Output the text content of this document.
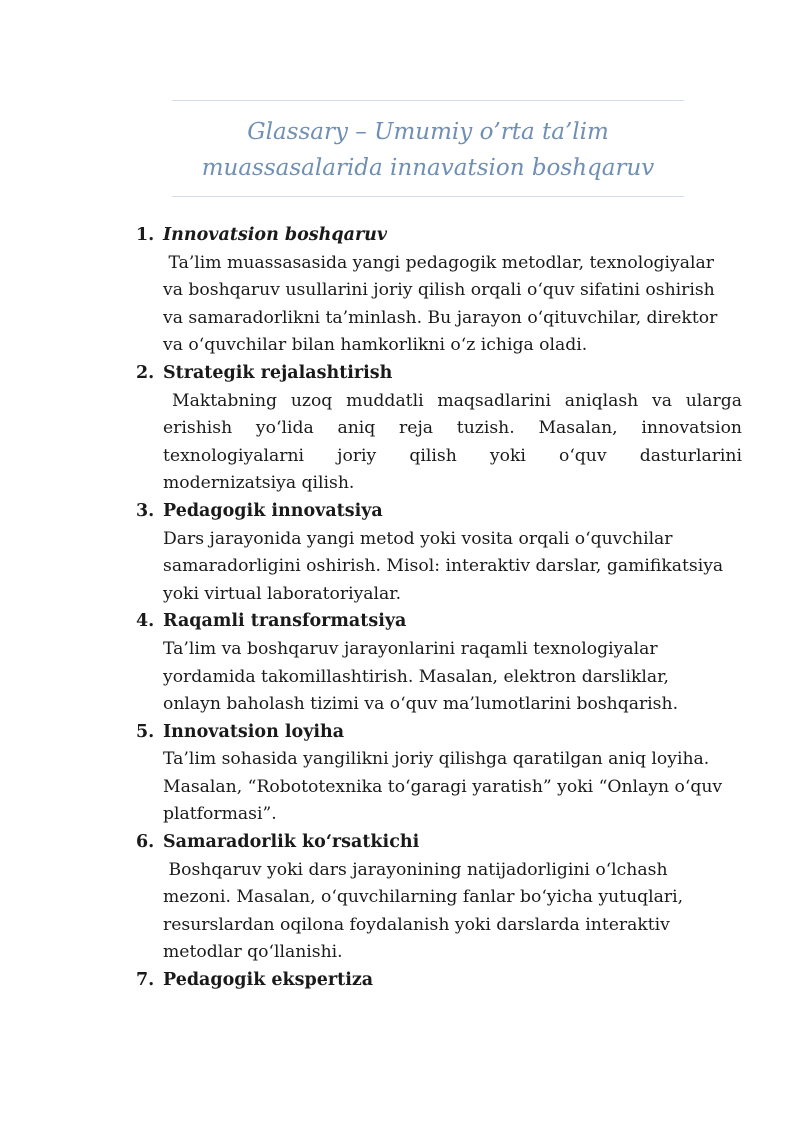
Glassary – Umumiy o’rta ta’lim
muassasalarida innavatsion boshqaruv
1. Innovatsion boshqaruv

Ta’lim muassasasida yangi pedagogik metodlar, texnologiyalar
va boshqaruv usullarini joriy qilish orqali oʻquv sifatini oshirish
va samaradorlikni ta’minlash. Bu jarayon oʻqituvchilar, direktor
va oʻquvchilar bilan hamkorlikni oʻz ichiga oladi.

2. Strategik rejalashtirish

Maktabning uzoq muddatli maqsadlarini aniqlash va ularga
erishish yoʻlida aniq reja tuzish. Masalan, innovatsion
texnologiyalarni joriy qilish yoki oʻquv dasturlarini
modernizatsiya qilish.

3. Pedagogik innovatsiya

Dars jarayonida yangi metod yoki vosita orqali oʻquvchilar
samaradorligini oshirish. Misol: interaktiv darslar, gamifikatsiya
yoki virtual laboratoriyalar.

4. Raqamli transformatsiya

Ta’lim va boshqaruv jarayonlarini raqamli texnologiyalar
yordamida takomillashtirish. Masalan, elektron darsliklar,
onlayn baholash tizimi va oʻquv ma’lumotlarini boshqarish.

5. Innovatsion loyiha

Ta’lim sohasida yangilikni joriy qilishga qaratilgan aniq loyiha.
Masalan, “Robototexnika toʻgaragi yaratish” yoki “Onlayn oʻquv
platformasi”.

6. Samaradorlik koʻrsatkichi

Boshqaruv yoki dars jarayonining natijadorligini oʻlchash
mezoni. Masalan, oʻquvchilarning fanlar boʻyicha yutuqlari,
resurslardan oqilona foydalanish yoki darslarda interaktiv
metodlar qoʻllanishi.

7. Pedagogik ekspertiza
